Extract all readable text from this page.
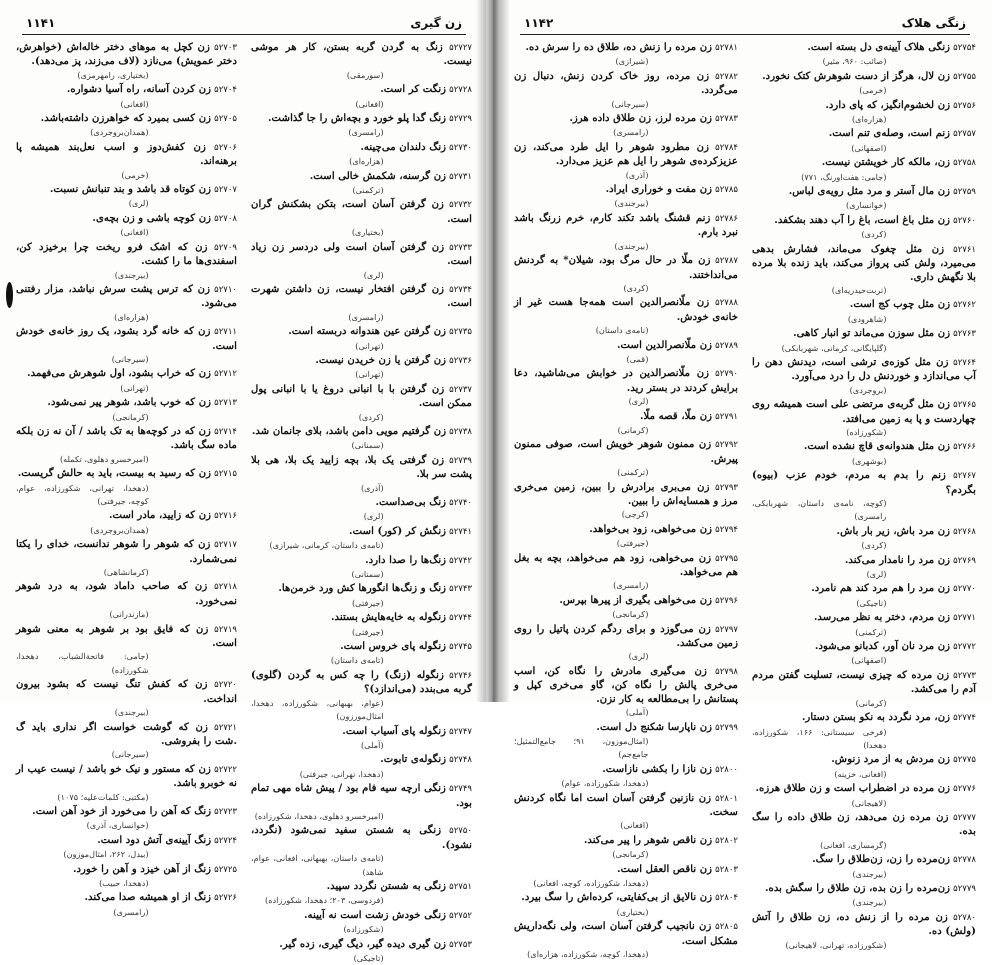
زن گیری
۱۱۴۱
۵۲۷۲۷ زنگ به گردن گربه بستن، کار هر موشی نیست.
(سورمقی)
۵۲۷۲۸ زنگت کر است.
(افغانی)
۵۲۷۲۹ زنگ گدا پلو خورد و بچه‌اش را جا گذاشت.
(رامسری)
۵۲۷۳۰ زنگ دلندان می‌چینه.
(هزاره‌ای)
۵۲۷۳۱ زن گرسنه، شکمش خالی است.
(ترکمنی)
۵۲۷۳۲ زن گرفتن آسان است، بتکن بشکنش گران است.
(بختیاری)
۵۲۷۳۳ زن گرفتن آسان است ولی دردسر زن زیاد است.
(لری)
۵۲۷۳۴ زن گرفتن افتخار نیست، زن داشتن شهرت است.
(رامسری)
۵۲۷۳۵ زن گرفتن عین هندوانه دربسته است.
(تهرانی)
۵۲۷۳۶ زن گرفتن یا زن خریدن نیست.
(تهرانی)
۵۲۷۳۷ زن گرفتن با با انبانی دروغ یا با انبانی پول ممکن است.
(کردی)
۵۲۷۳۸ زن گرفتیم مویی دامن باشد، بلای جانمان شد.
(سمنانی)
۵۲۷۳۹ زن گرفتی یک بلا، بچه زایید یک بلا، هی بلا پشت سر بلا.
(آذری)
۵۲۷۴۰ زنگ بی‌صداست.
(لری)
۵۲۷۴۱ زنگش کر (کور) است.
(تامه‌ی داستان، کرمانی، شیرازی)
۵۲۷۴۲ زنگ‌ها را صدا دارد.
(سمنانی)
۵۲۷۴۳ زنگ و زنگ‌ها انگورها کش ورد خرمن‌ها.
(جیرفتی)
۵۲۷۴۴ زنگوله به خایه‌هایش بستند.
(جیرفتی)
۵۲۷۴۵ زنگوله پای خروس است.
(تامه‌ی داستان)
۵۲۷۴۶ زنگوله (زنگ) را چه کس به گردن (گلوی) گربه می‌بندد (می‌اندازد)؟
(عوام، بهبهانی، شکورزاده، دهخدا، امثال‌مورزون)
۵۲۷۴۷ زنگوله پای آسیاب است.
(آملی)
۵۲۷۴۸ زنگوله‌ی تابوت.
(دهخدا، تهرانی، جیرفتی)
۵۲۷۴۹ زنگی ارچه سیه فام بود / پیش شاه مهی تمام بود.
(امیرخسرو دهلوی، دهخدا، شکورزاده)
۵۲۷۵۰ زنگی به شستن سفید نمی‌شود (نگردد، نشود).
(تامه‌ی داستان، بهبهانی، افغانی، عوام، شاهد)
۵۲۷۵۱ زنگی به شستن نگردد سپید.
(فردوسی، ۲۰۳؛ دهخدا، شکورزاده)
۵۲۷۵۲ زنگی خودش زشت است نه آیینه.
(شکورزاده)
۵۲۷۵۳ زن گیری دیده گیر، دیگ گیری، زده گیر.
(تاجیکی)
۵۲۷۰۳ زن کچل به موهای دختر خاله‌اش (خواهرش، دختر عمویش) می‌نازد (لاف می‌زند، پز می‌دهد).
(بختیاری، رامهرمزی)
۵۲۷۰۴ زن کردن آسانه، راه آسیا دشواره.
(افغانی)
۵۲۷۰۵ زن کسی بمیرد که خواهرزن داشته‌باشد.
(همدان‌بروجردی)
۵۲۷۰۶ زن کفش‌دوز و اسب نعل‌بند همیشه پا برهنه‌اند.
(خرمی)
۵۲۷۰۷ زن کوتاه قد باشد و بند تنبانش نسبت.
(لری)
۵۲۷۰۸ زن کوچه باشی و زن بچه‌ی.
(افغانی)
۵۲۷۰۹ زن که اشک فرو ریخت چرا برخیزد کن، اسفندی‌ها ما را کشت.
(بیرجندی)
۵۲۷۱۰ زن که ترس پشت سرش نباشد، مزار رفتنی می‌شود.
(هزاره‌ای)
۵۲۷۱۱ زن که خانه گرد بشود، یک روز خانه‌ی خودش است.
(سیرجانی)
۵۲۷۱۲ زن که خراب بشود، اول شوهرش می‌فهمد.
(تهرانی)
۵۲۷۱۳ زن که خوب باشد، شوهر پیر نمی‌شود.
(کرمانجی)
۵۲۷۱۴ زن که در کوچه‌ها به تک باشد / آن نه زن بلکه ماده سگ باشد.
(امیرخسرو دهلوی، تکمله)
۵۲۷۱۵ زن که رسید به بیست، باید به حالش گریست.
(دهخدا، تهرانی، شکورزاده، عوام، کوچه، جیرفتی)
۵۲۷۱۶ زن که زایید، مادر است.
(همدان‌بروجردی)
۵۲۷۱۷ زن که شوهر را شوهر ندانست، خدای را یکتا نمی‌شمارد.
(کرمانشاهی)
۵۲۷۱۸ زن که صاحب داماد شود، به درد شوهر نمی‌خورد.
(مازندرانی)
۵۲۷۱۹ زن که فایق بود بر شوهر به معنی شوهر است.
(جامی: فاتحة‌الشباب، دهخدا، شکورزاده)
۵۲۷۲۰ زن که کفش تنگ نیست که بشود بیرون انداخت.
(بیرجندی)
۵۲۷۲۱ زن که گوشت خواست اگر نداری باید گ .شت را بفروشی.
(سیرجانی)
۵۲۷۲۲ زن که مستور و نیک خو باشد / نیست عیب ار نه خوبرو باشد.
(مکتبی: کلمات‌علیه؛ ۱۰۷۵)
۵۲۷۲۳ زنگ که آهن را می‌خورد از خود آهن است.
(خوانساری، آذری)
۵۲۷۲۴ زنگ آیینه‌ی آتش دود است.
(بیدل، ۲۶۲، امثال‌موزون)
۵۲۷۲۵ زنگ از آهن خیزد و آهن را خورد.
(دهخدا، حبیب)
۵۲۷۲۶ زنگ از او همیشه صدا می‌کند.
(رامسری)
زنگی هلاک
۱۱۴۲
۵۲۷۵۴ زنگی هلاک آیینه‌ی دل بسته است.
(صائب: ۹۶۰، مثیر)
۵۲۷۵۵ زن لال، هرگز از دست شوهرش کتک نخورد.
(خرمی)
۵۲۷۵۶ زن لخشوم‌انگیز، که پای دارد.
(هزاره‌ای)
۵۲۷۵۷ زنم است، وصله‌ی تنم است.
(اصفهانی)
۵۲۷۵۸ زن، مالکه کار خویشتن نیست.
(جامی: هفت‌اورنگ، ۷۷۱)
۵۲۷۵۹ زن مال آستر و مرد مثل رویه‌ی لباس.
(خوانساری)
۵۲۷۶۰ زن مثل باغ است، باغ را آب دهند بشکفد.
(کردی)
۵۲۷۶۱ زن مثل چغوک می‌ماند، فشارش بدهی می‌میرد، ولش کنی پرواز می‌کند، باید زنده بلا مرده بلا نگهش داری.
(تربت‌حیدریه‌ای)
۵۲۷۶۲ زن مثل چوب کج است.
(شاهرودی)
۵۲۷۶۳ زن مثل سوزن می‌ماند تو انبار کاهی.
(گلپایگانی، کرمانی، شهربابکی)
۵۲۷۶۴ زن مثل کوزه‌ی ترشی است، دیدنش دهن را آب می‌اندازد و خوردنش دل را درد می‌آورد.
(بروجردی)
۵۲۷۶۵ زن مثل گربه‌ی مرتضی علی است همیشه روی چهاردست و پا به زمین می‌افتد.
(شکورزاده)
۵۲۷۶۶ زن مثل هندوانه‌ی قاچ نشده است.
(بوشهری)
۵۲۷۶۷ زنم را بدم به مردم، خودم عزب (بیوه) بگردم؟
(کوچه، نامه‌ی داستان، شهربابکی، رامسری)
۵۲۷۶۸ زن مرد باش، زیر بار باش.
(کردی)
۵۲۷۶۹ زن مرد را نامدار می‌کند.
(لری)
۵۲۷۷۰ زن مرد را هم مرد کند هم نامرد.
(تاجیکی)
۵۲۷۷۱ زن مردم، دختر به نظر می‌رسد.
(ترکمنی)
۵۲۷۷۲ زن مرد نان آور، کدبانو می‌شود.
(اصفهانی)
۵۲۷۷۳ زن مرده که چیزی نیست، تسلیت گفتن مردم آدم را می‌کشد.
(کرمانی)
۵۲۷۷۴ زن، مرد نگردد به نکو بستن دستار.
(فرخی سیستانی: ۱۶۶، شکورزاده، دهخدا)
۵۲۷۷۵ زن مردش به از مرد زنوش.
(افغانی، خزینه)
۵۲۷۷۶ زن مرده در اضطراب است و زن طلاق هرزه.
(لاهیجانی)
۵۲۷۷۷ زن مرده زن می‌دهد، زن طلاق داده را سگ بده.
(گرمساری، افغانی)
۵۲۷۷۸ زن‌مرده را زن، زن‌طلاق را سگ.
(بیرجندی)
۵۲۷۷۹ زن‌مرده را زن بده، زن طلاق را سگش بده.
(بیرجندی)
۵۲۷۸۰ زن مرده را از زنش ده، زن طلاق را آتش (ولش) ده.
(شکورزاده، تهرانی، لاهیجانی)
۵۲۷۸۱ زن مرده را زنش ده، طلاق ده را سرش ده.
(شیرازی)
۵۲۷۸۲ زن مرده، روز خاک کردن زنش، دنبال زن می‌گردد.
(سیرجانی)
۵۲۷۸۳ زن مرده لرز، زن طلاق داده هرز.
(رامسری)
۵۲۷۸۴ زن مطرود شوهر را ایل طرد می‌کند، زن عزیزکرده‌ی شوهر را ایل هم عزیز می‌دارد.
(آذری)
۵۲۷۸۵ زن مفت و خوراری ایراد.
(بیرجندی)
۵۲۷۸۶ زنم قشنگ باشد تکند کارم، خرم زرنگ باشد نبرد بارم.
(بیرجندی)
۵۲۷۸۷ زن ملّا در حال مرگ بود، شیلان* به گردنش می‌انداختند.
(کردی)
۵۲۷۸۸ زن ملّانصرالدین است همه‌جا هست غیر از خانه‌ی خودش.
(نامه‌ی داستان)
۵۲۷۸۹ زن ملّانصرالدین است.
(قمی)
۵۲۷۹۰ زن ملّانصرالدین در خوابش می‌شاشید، دعا برایش کردند در بستر رید.
(لری)
۵۲۷۹۱ زن ملّا، قصه ملّا.
(کرمانی)
۵۲۷۹۲ زن ممنون شوهر خویش است، صوفی ممنون پیرش.
(ترکمنی)
۵۲۷۹۳ زن می‌بری برادرش را ببین، زمین می‌خری مرز و همسایه‌اش را ببین.
(کرجی)
۵۲۷۹۴ زن می‌خواهی، زود بی‌خواهد.
(جیرفتی)
۵۲۷۹۵ زن می‌خواهی، زود هم می‌خواهد، بچه به بغل هم می‌خواهد.
(رامسری)
۵۲۷۹۶ زن می‌خواهی بگیری از پیرها بپرس.
(کرمانجی)
۵۲۷۹۷ زن می‌گوزد و برای ردگم کردن پاتیل را روی زمین می‌کشد.
(لری)
۵۲۷۹۸ زن می‌گیری مادرش را نگاه کن، اسب می‌خری پالش را نگاه کن، گاو می‌خری کپل و پستانش را بی‌مطالعه به کار نزن.
(آملی)
۵۲۷۹۹ زن ناپارسا شکنج دل است.
(امثال‌موزون، ۹۱؛ جامع‌التمثیل؛ جامع‌جم)
۵۲۸۰۰ زن نازا را بکشی نازاست.
(دهخدا، شکورزاده، عوام)
۵۲۸۰۱ زن نازنین گرفتن آسان است اما نگاه کردنش سخت.
(افغانی)
۵۲۸۰۲ زن ناقص شوهر را پیر می‌کند.
(کرمانجی)
۵۲۸۰۳ زن ناقص العقل است.
(دهخدا، شکورزاده، کوچه، افغانی)
۵۲۸۰۴ زن نالایق از بی‌کفایتی، کرده‌اش را سگ بیرد.
(بختیاری)
۵۲۸۰۵ زن نانجیب گرفتن آسان است، ولی نگه‌داریش مشکل است.
(دهخدا، کوچه، شکورزاده، هزاره‌ای)
